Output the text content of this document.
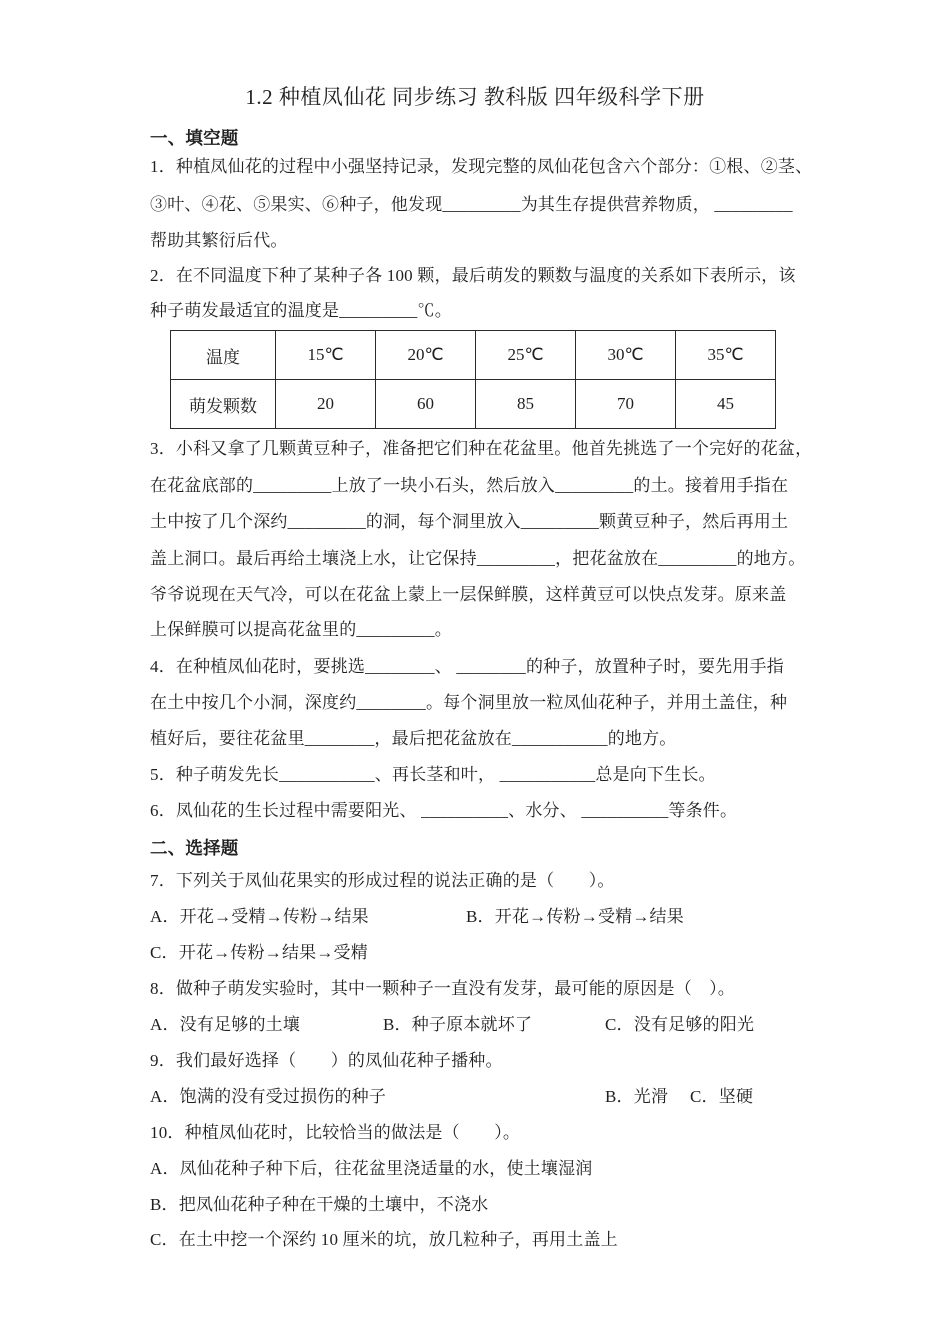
1.2 种植凤仙花 同步练习 教科版 四年级科学下册
一、填空题
1．种植凤仙花的过程中小强坚持记录，发现完整的凤仙花包含六个部分：①根、②茎、
③叶、④花、⑤果实、⑥种子，他发现_________为其生存提供营养物质， _________
帮助其繁衍后代。
2．在不同温度下种了某种子各 100 颗，最后萌发的颗数与温度的关系如下表所示，该
种子萌发最适宜的温度是_________℃。
温度	15℃	20℃	25℃	30℃	35℃
萌发颗数	20	60	85	70	45
3．小科又拿了几颗黄豆种子，准备把它们种在花盆里。他首先挑选了一个完好的花盆，
在花盆底部的_________上放了一块小石头，然后放入_________的土。接着用手指在
土中按了几个深约_________的洞，每个洞里放入_________颗黄豆种子，然后再用土
盖上洞口。最后再给土壤浇上水，让它保持_________，把花盆放在_________的地方。
爷爷说现在天气冷，可以在花盆上蒙上一层保鲜膜，这样黄豆可以快点发芽。原来盖
上保鲜膜可以提高花盆里的_________。
4．在种植凤仙花时，要挑选________、 ________的种子，放置种子时，要先用手指
在土中按几个小洞，深度约________。每个洞里放一粒凤仙花种子，并用土盖住，种
植好后，要往花盆里________，最后把花盆放在___________的地方。
5．种子萌发先长___________、再长茎和叶， ___________总是向下生长。
6．凤仙花的生长过程中需要阳光、 __________、水分、 __________等条件。
二、选择题
7．下列关于凤仙花果实的形成过程的说法正确的是（　　）。
A．开花→受精→传粉→结果	B．开花→传粉→受精→结果
C．开花→传粉→结果→受精
8．做种子萌发实验时，其中一颗种子一直没有发芽，最可能的原因是（　）。
A．没有足够的土壤	B．种子原本就坏了	C．没有足够的阳光
9．我们最好选择（　　）的凤仙花种子播种。
A．饱满的没有受过损伤的种子	B．光滑 C．坚硬
10．种植凤仙花时，比较恰当的做法是（　　）。
A．凤仙花种子种下后，往花盆里浇适量的水，使土壤湿润
B．把凤仙花种子种在干燥的土壤中，不浇水
C．在土中挖一个深约 10 厘米的坑，放几粒种子，再用土盖上
